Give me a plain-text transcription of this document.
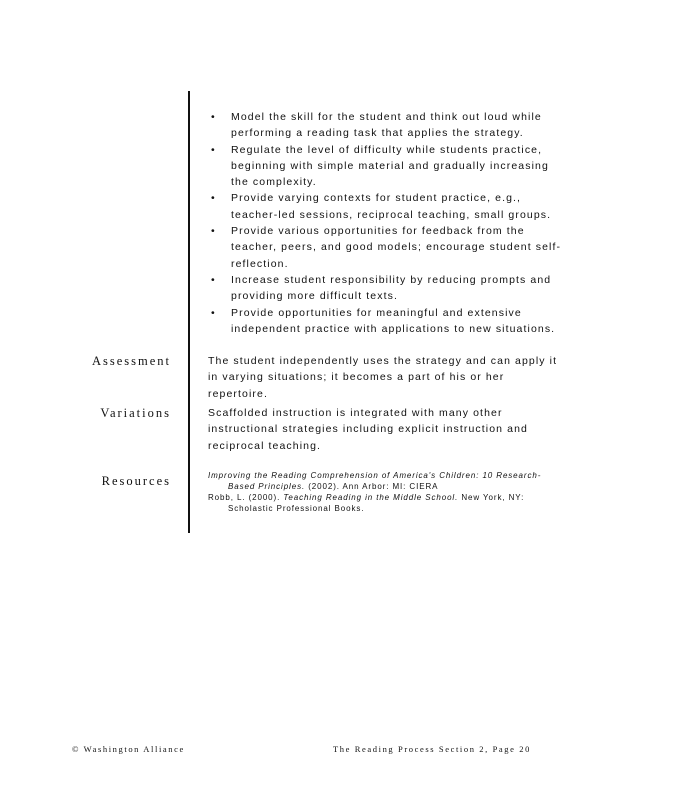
• Model the skill for the student and think out loud while performing a reading task that applies the strategy.
• Regulate the level of difficulty while students practice, beginning with simple material and gradually increasing the complexity.
• Provide varying contexts for student practice, e.g., teacher-led sessions, reciprocal teaching, small groups.
• Provide various opportunities for feedback from the teacher, peers, and good models; encourage student self-reflection.
• Increase student responsibility by reducing prompts and providing more difficult texts.
• Provide opportunities for meaningful and extensive independent practice with applications to new situations.
Assessment	The student independently uses the strategy and can apply it in varying situations; it becomes a part of his or her repertoire.
Variations	Scaffolded instruction is integrated with many other instructional strategies including explicit instruction and reciprocal teaching.
Resources	Improving the Reading Comprehension of America's Children: 10 Research-Based Principles. (2002). Ann Arbor: MI: CIERA
Robb, L. (2000). Teaching Reading in the Middle School. New York, NY: Scholastic Professional Books.
© Washington Alliance	The Reading Process Section 2, Page 20
